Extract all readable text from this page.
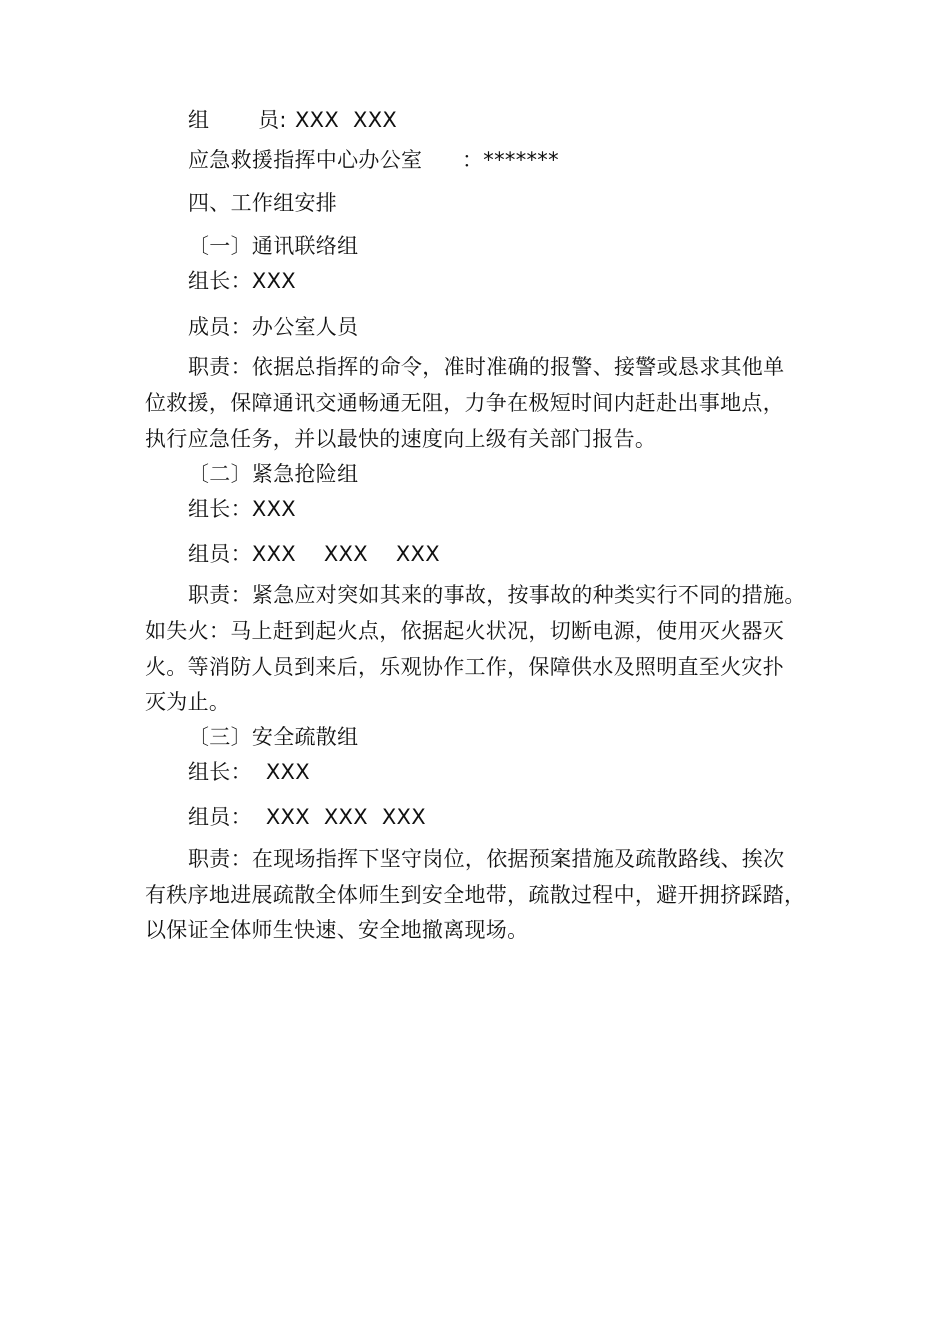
组       员: XXX  XXX
应急救援指挥中心办公室 ：*******
四、工作组安排
〔一〕通讯联络组
组长：XXX
成员：办公室人员
职责：依据总指挥的命令，准时准确的报警、接警或恳求其他单
位救援，保障通讯交通畅通无阻，力争在极短时间内赶赴出事地点，
执行应急任务，并以最快的速度向上级有关部门报告。
〔二〕紧急抢险组
组长：XXX
组员：XXX    XXX    XXX
职责：紧急应对突如其来的事故，按事故的种类实行不同的措施。
如失火：马上赶到起火点，依据起火状况，切断电源，使用灭火器灭
火。等消防人员到来后，乐观协作工作，保障供水及照明直至火灾扑
灭为止。
〔三〕安全疏散组
组长：  XXX
组员：  XXX  XXX  XXX
职责：在现场指挥下坚守岗位，依据预案措施及疏散路线、挨次
有秩序地进展疏散全体师生到安全地带，疏散过程中，避开拥挤踩踏，
以保证全体师生快速、安全地撤离现场。
